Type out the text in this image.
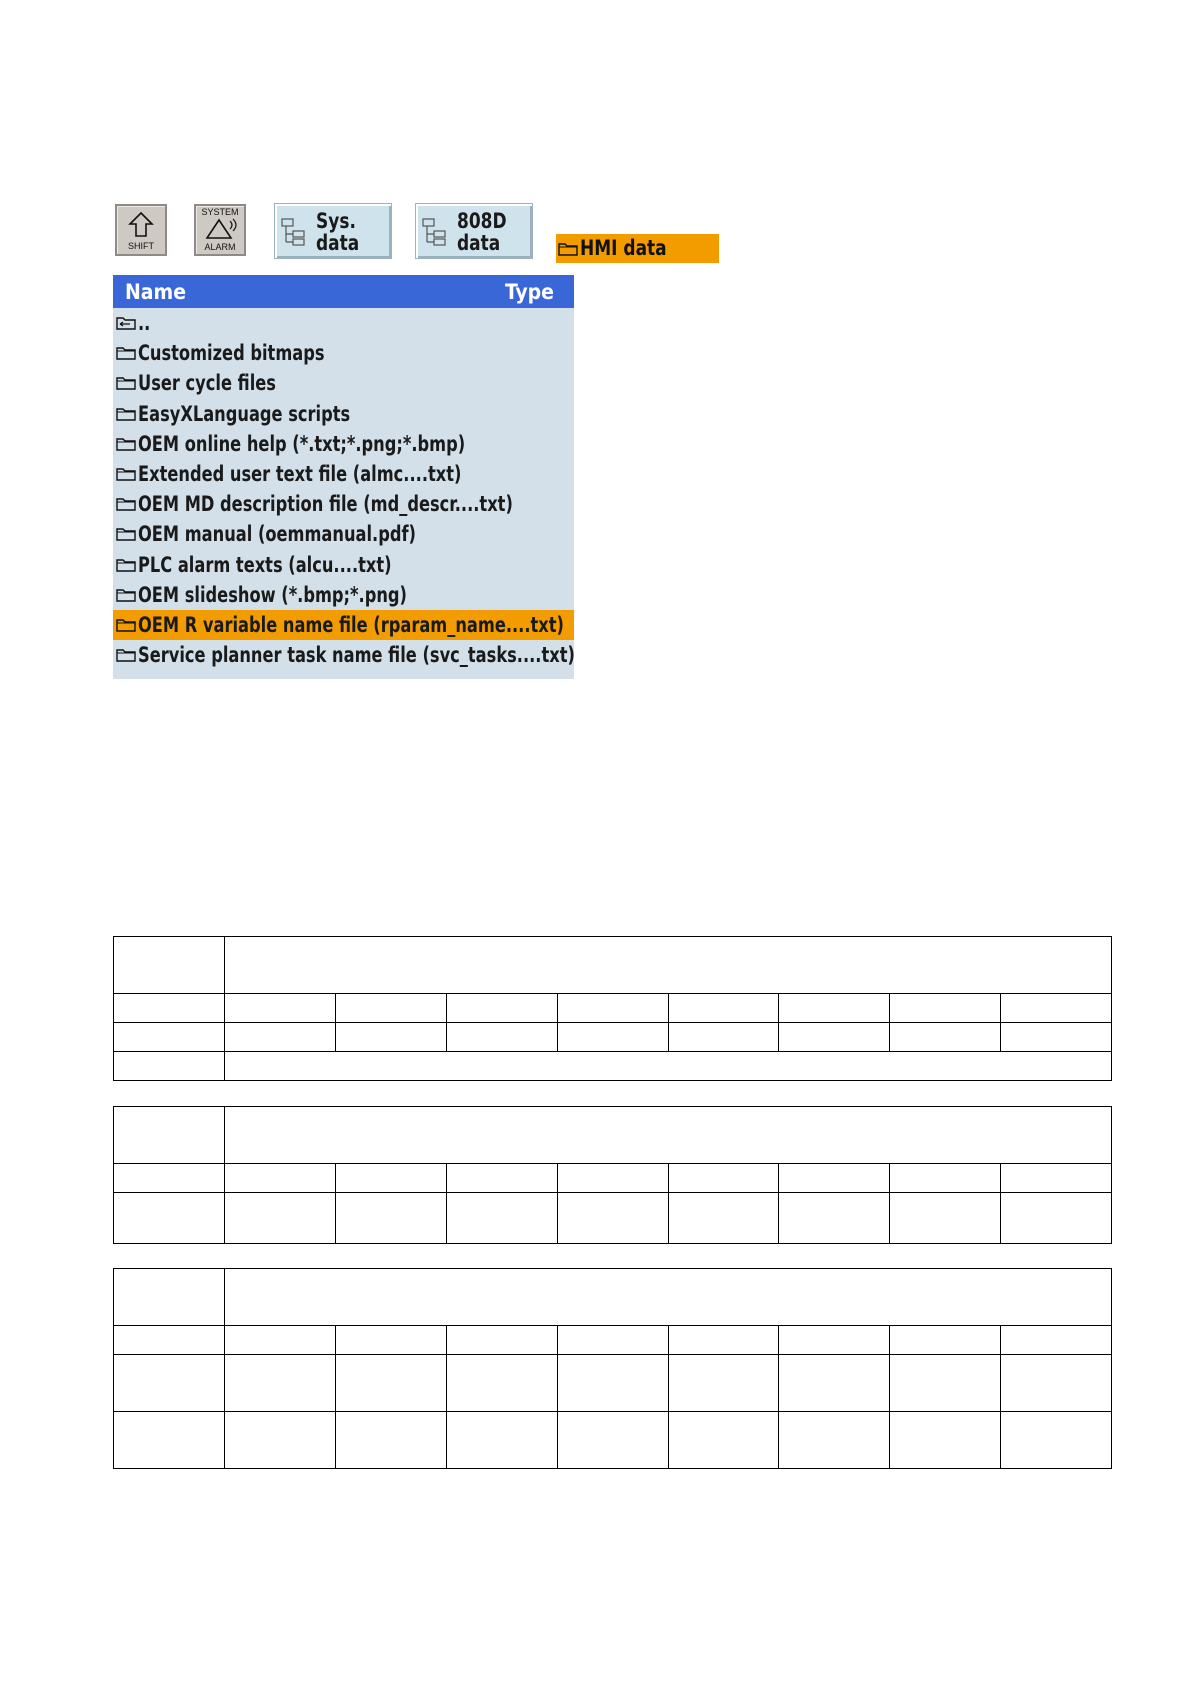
SHIFT
SYSTEM
ALARM
Sys.
data
808D
data	HMI data
Name	Type
..
Customized bitmaps
User cycle files
EasyXLanguage scripts
OEM online help (*.txt;*.png;*.bmp)
Extended user text file (almc....txt)
OEM MD description file (md_descr....txt)
OEM manual (oemmanual.pdf)
PLC alarm texts (alcu....txt)
OEM slideshow (*.bmp;*.png)
OEM R variable name file (rparam_name....txt)
Service planner task name file (svc_tasks....txt)
